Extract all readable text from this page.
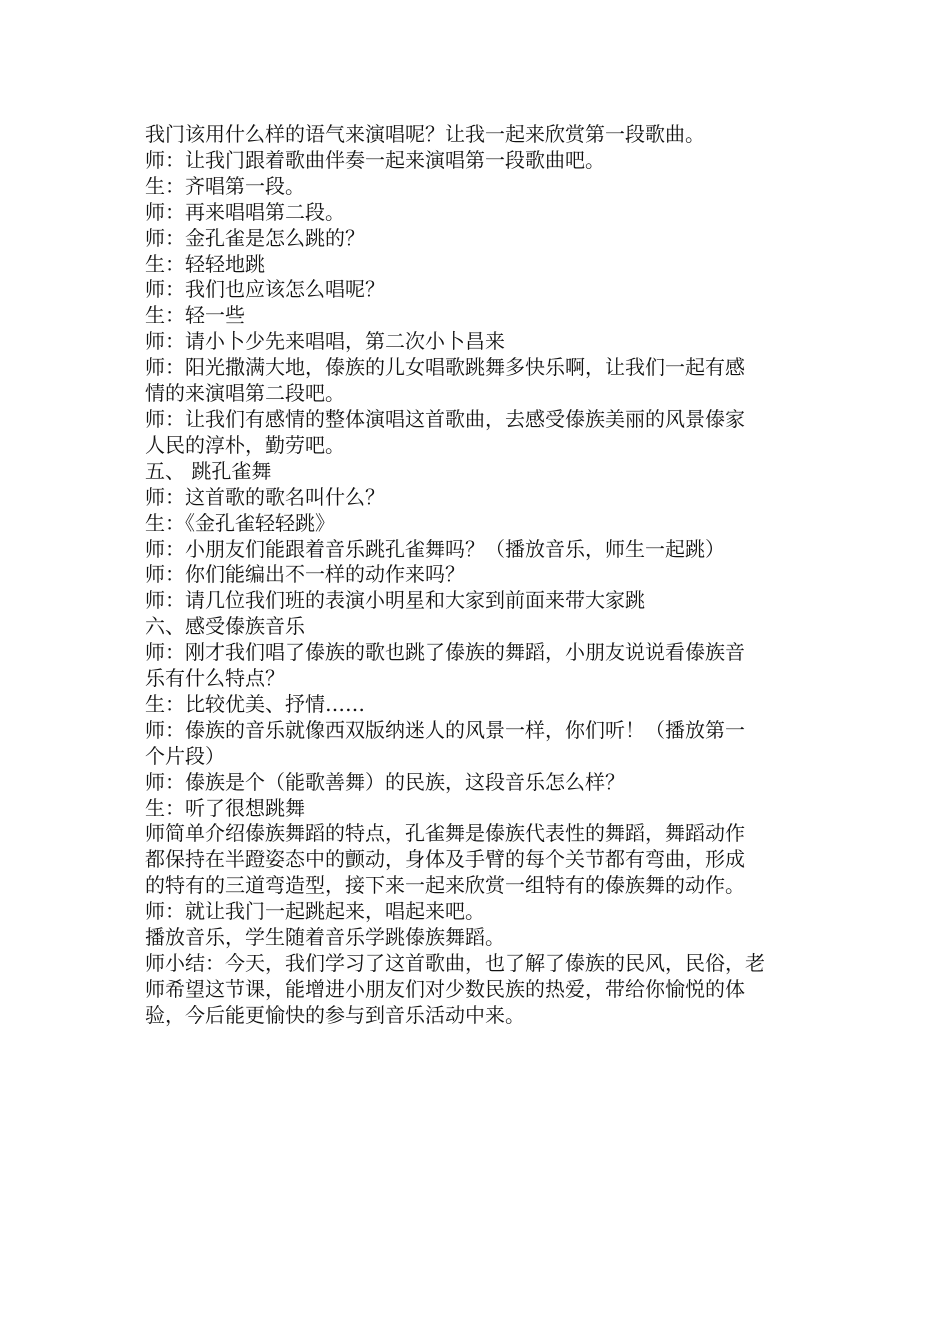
我门该用什么样的语气来演唱呢？让我一起来欣赏第一段歌曲。
师：让我门跟着歌曲伴奏一起来演唱第一段歌曲吧。
生：齐唱第一段。
师：再来唱唱第二段。
师：金孔雀是怎么跳的？
生：轻轻地跳
师：我们也应该怎么唱呢？
生：轻一些
师：请小卜少先来唱唱，第二次小卜昌来
师：阳光撒满大地，傣族的儿女唱歌跳舞多快乐啊，让我们一起有感
情的来演唱第二段吧。
师：让我们有感情的整体演唱这首歌曲，去感受傣族美丽的风景傣家
人民的淳朴，勤劳吧。
五、 跳孔雀舞
师：这首歌的歌名叫什么？
生：《金孔雀轻轻跳》
师：小朋友们能跟着音乐跳孔雀舞吗？（播放音乐，师生一起跳）
师：你们能编出不一样的动作来吗？
师：请几位我们班的表演小明星和大家到前面来带大家跳
六、感受傣族音乐
师：刚才我们唱了傣族的歌也跳了傣族的舞蹈，小朋友说说看傣族音
乐有什么特点？
生：比较优美、抒情……
师：傣族的音乐就像西双版纳迷人的风景一样，你们听！（播放第一
个片段）
师：傣族是个（能歌善舞）的民族，这段音乐怎么样？
生：听了很想跳舞
师简单介绍傣族舞蹈的特点，孔雀舞是傣族代表性的舞蹈，舞蹈动作
都保持在半蹬姿态中的颤动，身体及手臂的每个关节都有弯曲，形成
的特有的三道弯造型，接下来一起来欣赏一组特有的傣族舞的动作。
师：就让我门一起跳起来，唱起来吧。
播放音乐，学生随着音乐学跳傣族舞蹈。
师小结：今天，我们学习了这首歌曲，也了解了傣族的民风，民俗，老
师希望这节课，能增进小朋友们对少数民族的热爱，带给你愉悦的体
验，今后能更愉快的参与到音乐活动中来。
